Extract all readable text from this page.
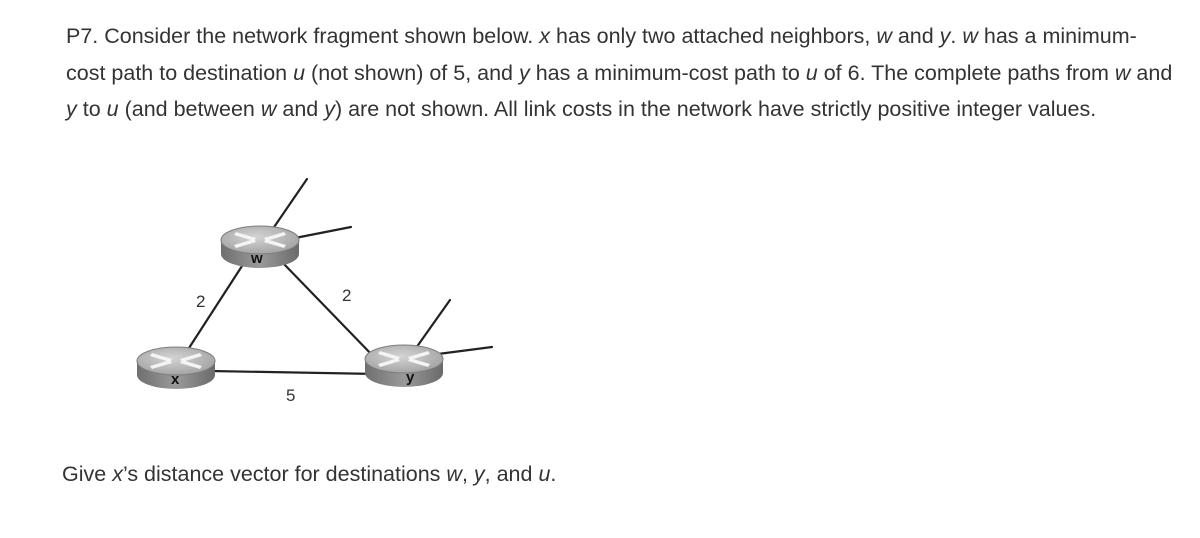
P7. Consider the network fragment shown below. x has only two attached neighbors, w and y. w has a minimum-cost path to destination u (not shown) of 5, and y has a minimum-cost path to u of 6. The complete paths from w and y to u (and between w and y) are not shown. All link costs in the network have strictly positive integer values.

2	2
5
w
x	y

Give x’s distance vector for destinations w, y, and u.
